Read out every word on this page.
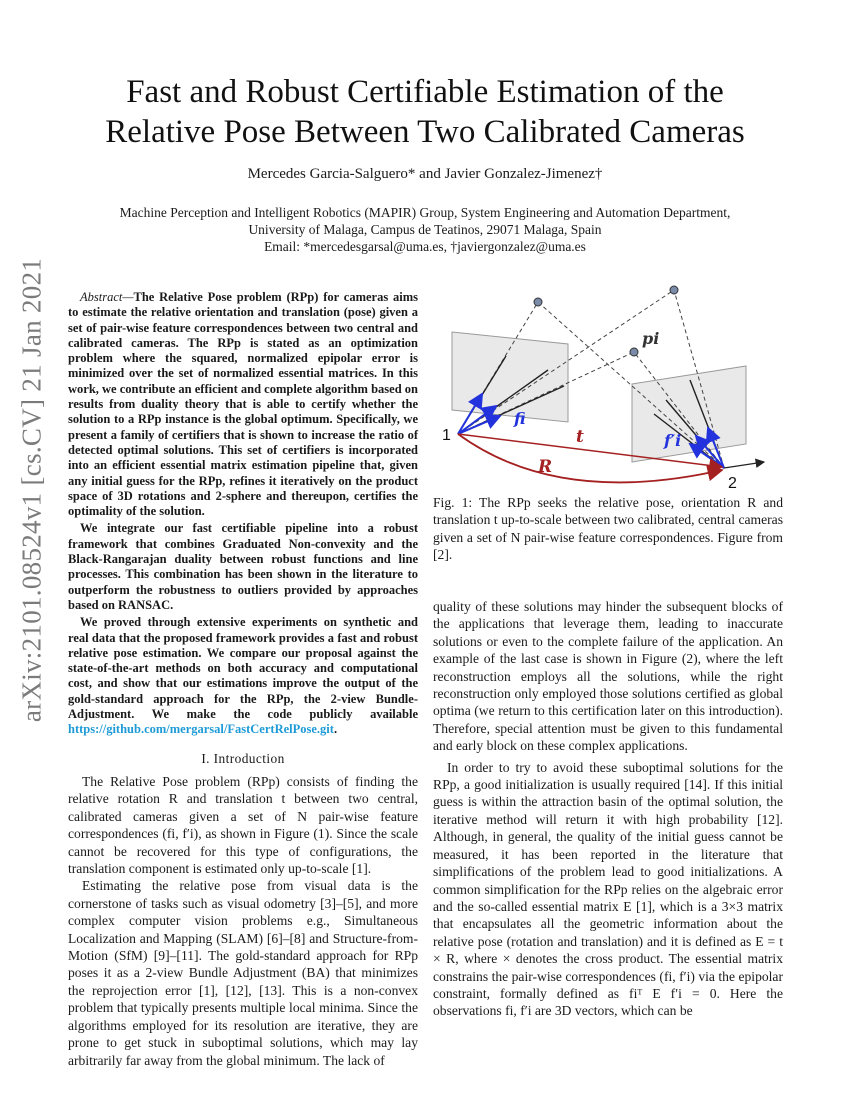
arXiv:2101.08524v1 [cs.CV] 21 Jan 2021
Fast and Robust Certifiable Estimation of the
Relative Pose Between Two Calibrated Cameras
Mercedes Garcia-Salguero* and Javier Gonzalez-Jimenez†
Machine Perception and Intelligent Robotics (MAPIR) Group, System Engineering and Automation Department,
University of Malaga, Campus de Teatinos, 29071 Malaga, Spain
Email: *mercedesgarsal@uma.es, †javiergonzalez@uma.es

Abstract—The Relative Pose problem (RPp) for cameras aims to estimate the relative orientation and translation (pose) given a set of pair-wise feature correspondences between two central and calibrated cameras. The RPp is stated as an optimization problem where the squared, normalized epipolar error is minimized over the set of normalized essential matrices. In this work, we contribute an efficient and complete algorithm based on results from duality theory that is able to certify whether the solution to a RPp instance is the global optimum. Specifically, we present a family of certifiers that is shown to increase the ratio of detected optimal solutions. This set of certifiers is incorporated into an efficient essential matrix estimation pipeline that, given any initial guess for the RPp, refines it iteratively on the product space of 3D rotations and 2-sphere and thereupon, certifies the optimality of the solution.

We integrate our fast certifiable pipeline into a robust framework that combines Graduated Non-convexity and the Black-Rangarajan duality between robust functions and line processes. This combination has been shown in the literature to outperform the robustness to outliers provided by approaches based on RANSAC.

We proved through extensive experiments on synthetic and real data that the proposed framework provides a fast and robust relative pose estimation. We compare our proposal against the state-of-the-art methods on both accuracy and computational cost, and show that our estimations improve the output of the gold-standard approach for the RPp, the 2-view Bundle-Adjustment. We make the code publicly available https://github.com/mergarsal/FastCertRelPose.git.

I. Introduction

The Relative Pose problem (RPp) consists of finding the relative rotation R and translation t between two central, calibrated cameras given a set of N pair-wise feature correspondences (fi, f′i), as shown in Figure (1). Since the scale cannot be recovered for this type of configurations, the translation component is estimated only up-to-scale [1].

Estimating the relative pose from visual data is the cornerstone of tasks such as visual odometry [3]–[5], and more complex computer vision problems e.g., Simultaneous Localization and Mapping (SLAM) [6]–[8] and Structure-from-Motion (SfM) [9]–[11]. The gold-standard approach for RPp poses it as a 2-view Bundle Adjustment (BA) that minimizes the reprojection error [1], [12], [13]. This is a non-convex problem that typically presents multiple local minima. Since the algorithms employed for its resolution are iterative, they are prone to get stuck in suboptimal solutions, which may lay arbitrarily far away from the global minimum. The lack of

1
2
pi
fi
f′i
t
R
Fig. 1: The RPp seeks the relative pose, orientation R and translation t up-to-scale between two calibrated, central cameras given a set of N pair-wise feature correspondences. Figure from [2].

quality of these solutions may hinder the subsequent blocks of the applications that leverage them, leading to inaccurate solutions or even to the complete failure of the application. An example of the last case is shown in Figure (2), where the left reconstruction employs all the solutions, while the right reconstruction only employed those solutions certified as global optima (we return to this certification later on this introduction). Therefore, special attention must be given to this fundamental and early block on these complex applications.

In order to try to avoid these suboptimal solutions for the RPp, a good initialization is usually required [14]. If this initial guess is within the attraction basin of the optimal solution, the iterative method will return it with high probability [12]. Although, in general, the quality of the initial guess cannot be measured, it has been reported in the literature that simplifications of the problem lead to good initializations. A common simplification for the RPp relies on the algebraic error and the so-called essential matrix E [1], which is a 3×3 matrix that encapsulates all the geometric information about the relative pose (rotation and translation) and it is defined as E = t × R, where × denotes the cross product. The essential matrix constrains the pair-wise correspondences (fi, f′i) via the epipolar constraint, formally defined as fiᵀ E f′i = 0. Here the observations fi, f′i are 3D vectors, which can be
